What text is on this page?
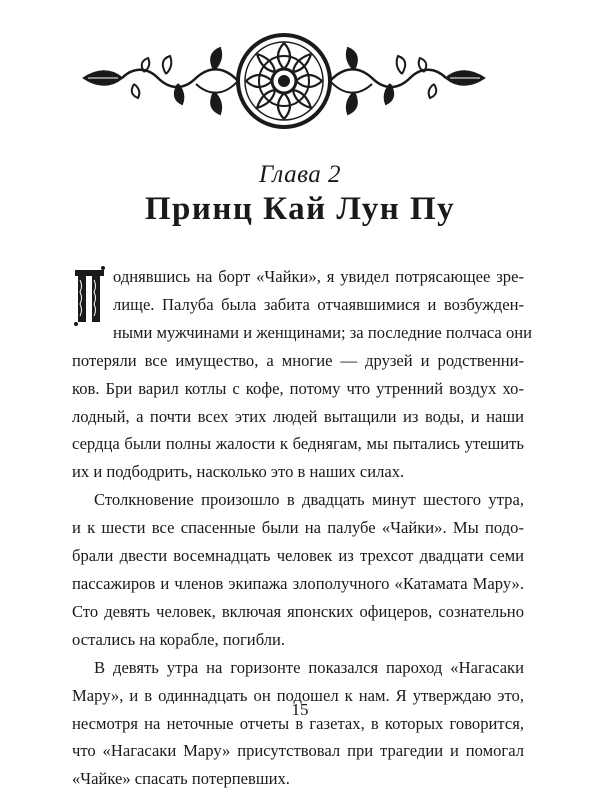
Глава 2
Принц Кай Лун Пу
однявшись на борт «Чайки», я увидел потрясающее зре-
лище. Палуба была забита отчаявшимися и возбужден-
ными мужчинами и женщинами; за последние полчаса они
потеряли все имущество, а многие — друзей и родственни-
ков. Бри варил котлы с кофе, потому что утренний воздух хо-
лодный, а почти всех этих людей вытащили из воды, и наши
сердца были полны жалости к беднягам, мы пытались утешить
их и подбодрить, насколько это в наших силах.
Столкновение произошло в двадцать минут шестого утра,
и к шести все спасенные были на палубе «Чайки». Мы подо-
брали двести восемнадцать человек из трехсот двадцати семи
пассажиров и членов экипажа злополучного «Катамата Мару».
Сто девять человек, включая японских офицеров, сознательно
остались на корабле, погибли.
В девять утра на горизонте показался пароход «Нагасаки
Мару», и в одиннадцать он подошел к нам. Я утверждаю это,
несмотря на неточные отчеты в газетах, в которых говорится,
что «Нагасаки Мару» присутствовал при трагедии и помогал
«Чайке» спасать потерпевших.
15
